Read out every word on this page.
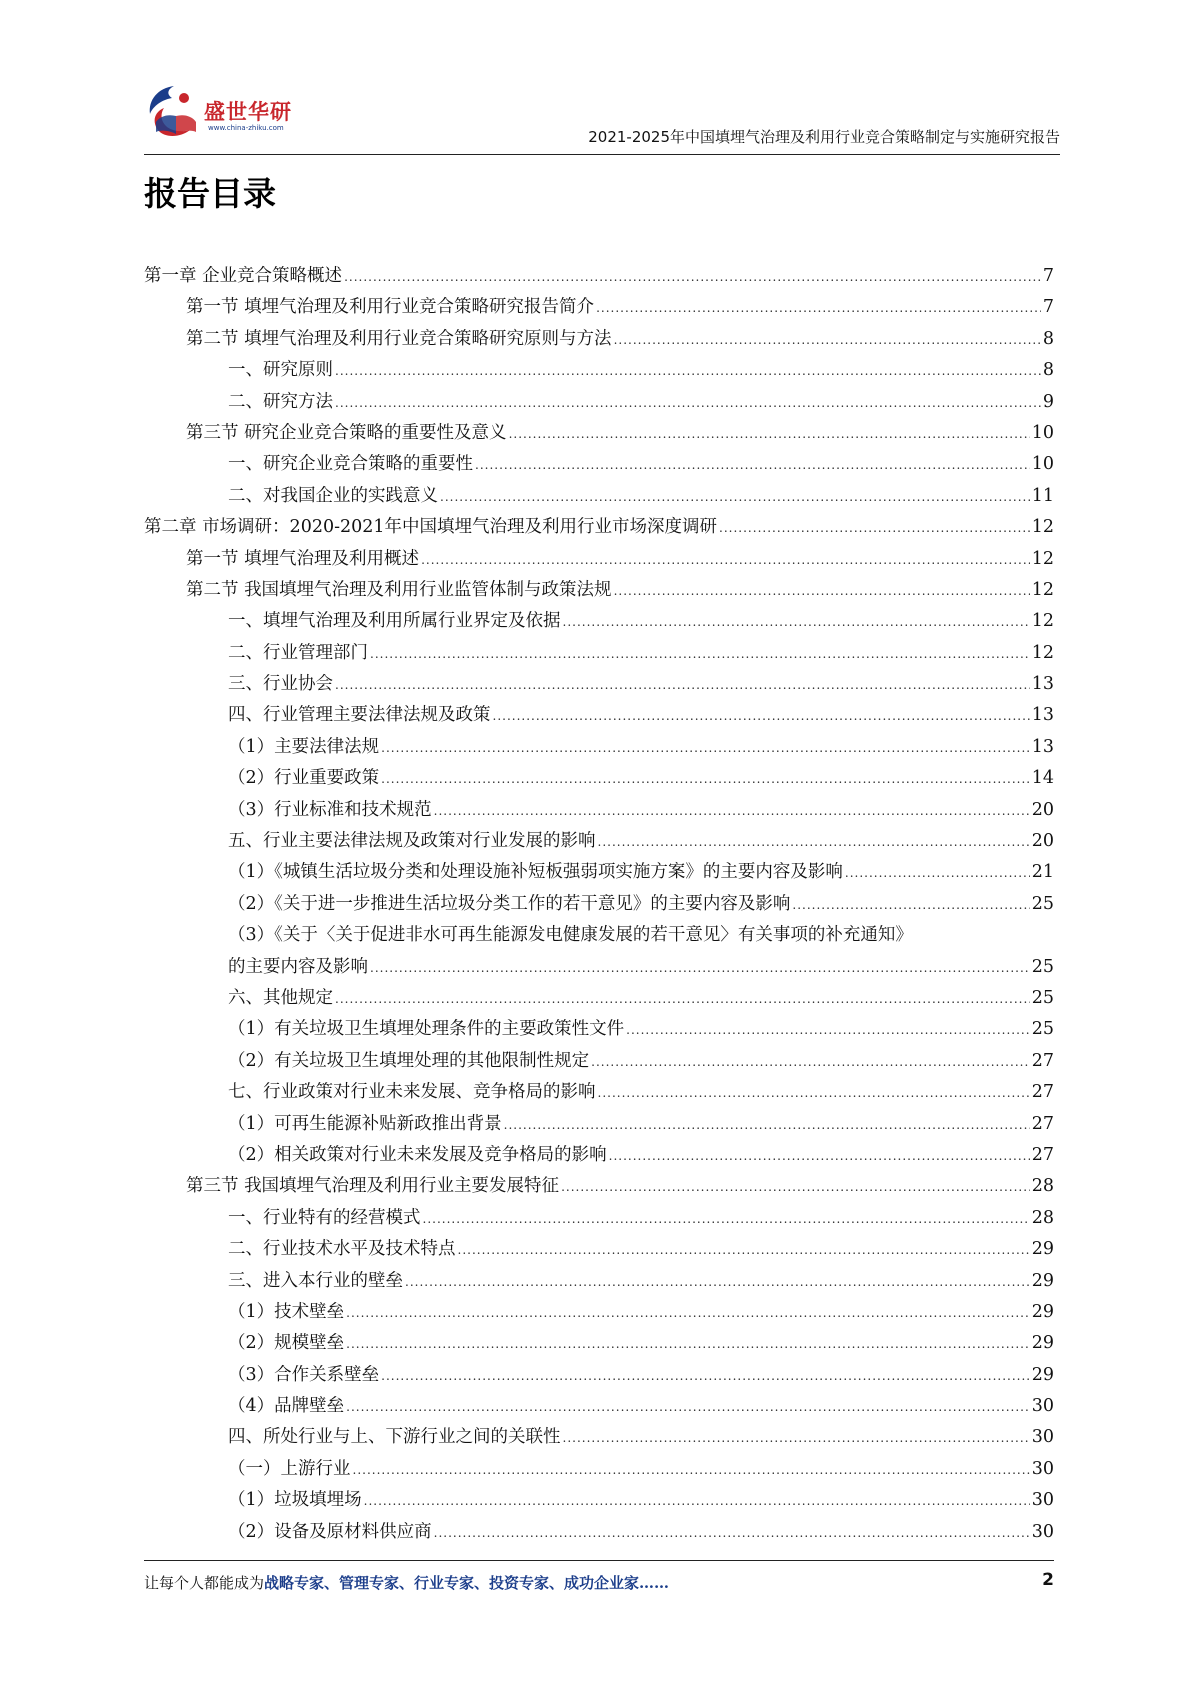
盛世华研
www.china-zhiku.com	2021-2025年中国填埋气治理及利用行业竞合策略制定与实施研究报告
报告目录
第一章 企业竞合策略概述 .....	7
第一节 填埋气治理及利用行业竞合策略研究报告简介 .....	7
第二节 填埋气治理及利用行业竞合策略研究原则与方法 .....	8
一、研究原则 .....	8
二、研究方法 .....	9
第三节 研究企业竞合策略的重要性及意义 .....	10
一、研究企业竞合策略的重要性 .....	10
二、对我国企业的实践意义 .....	11
第二章 市场调研：2020-2021年中国填埋气治理及利用行业市场深度调研 .....	12
第一节 填埋气治理及利用概述 .....	12
第二节 我国填埋气治理及利用行业监管体制与政策法规 .....	12
一、填埋气治理及利用所属行业界定及依据 .....	12
二、行业管理部门 .....	12
三、行业协会 .....	13
四、行业管理主要法律法规及政策 .....	13
（1）主要法律法规 .....	13
（2）行业重要政策 .....	14
（3）行业标准和技术规范 .....	20
五、行业主要法律法规及政策对行业发展的影响 .....	20
（1）《城镇生活垃圾分类和处理设施补短板强弱项实施方案》的主要内容及影响 .....	21
（2）《关于进一步推进生活垃圾分类工作的若干意见》的主要内容及影响 .....	25
（3）《关于〈关于促进非水可再生能源发电健康发展的若干意见〉有关事项的补充通知》
的主要内容及影响 .....	25
六、其他规定 .....	25
（1）有关垃圾卫生填埋处理条件的主要政策性文件 .....	25
（2）有关垃圾卫生填埋处理的其他限制性规定 .....	27
七、行业政策对行业未来发展、竞争格局的影响 .....	27
（1）可再生能源补贴新政推出背景 .....	27
（2）相关政策对行业未来发展及竞争格局的影响 .....	27
第三节 我国填埋气治理及利用行业主要发展特征 .....	28
一、行业特有的经营模式 .....	28
二、行业技术水平及技术特点 .....	29
三、进入本行业的壁垒 .....	29
（1）技术壁垒 .....	29
（2）规模壁垒 .....	29
（3）合作关系壁垒 .....	29
（4）品牌壁垒 .....	30
四、所处行业与上、下游行业之间的关联性 .....	30
（一）上游行业 .....	30
（1）垃圾填埋场 .....	30
（2）设备及原材料供应商 .....	30
让每个人都能成为战略专家、管理专家、行业专家、投资专家、成功企业家……	2
